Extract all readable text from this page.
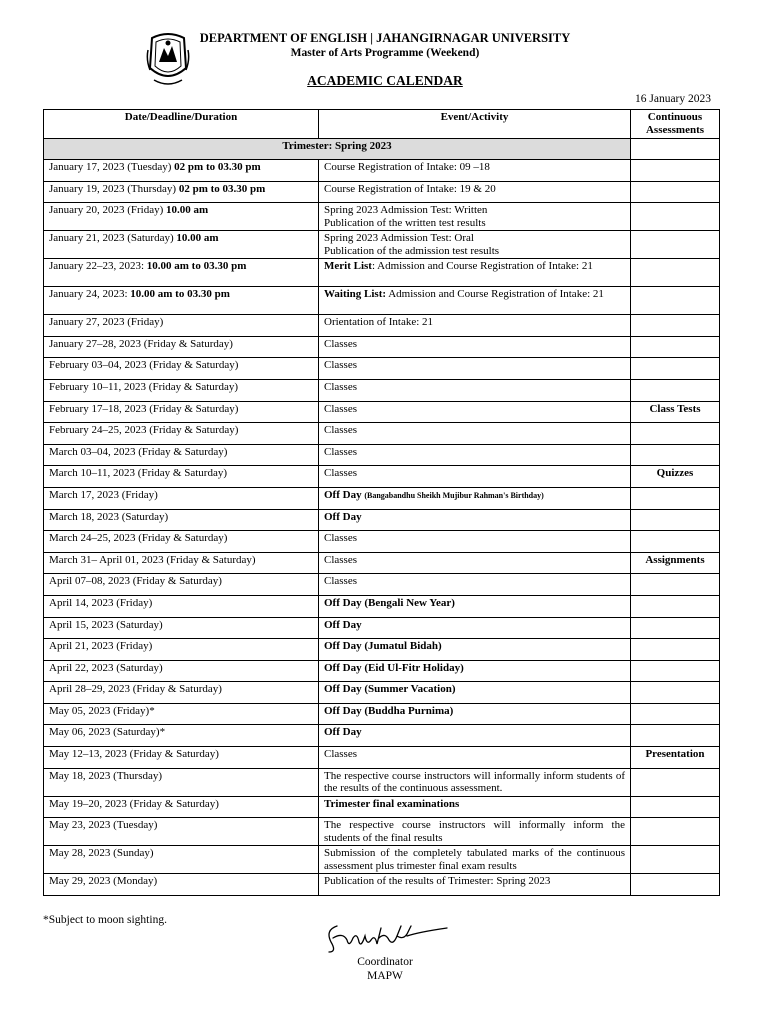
DEPARTMENT OF ENGLISH | JAHANGIRNAGAR UNIVERSITY
Master of Arts Programme (Weekend)
ACADEMIC CALENDAR
16 January 2023
Date/Deadline/Duration	Event/Activity	Continuous Assessments
Trimester: Spring 2023		
January 17, 2023 (Tuesday) 02 pm to 03.30 pm	Course Registration of Intake: 09 –18	
January 19, 2023 (Thursday) 02 pm to 03.30 pm	Course Registration of Intake: 19 & 20	
January 20, 2023 (Friday) 10.00 am	Spring 2023 Admission Test: Written
Publication of the written test results	
January 21, 2023 (Saturday) 10.00 am	Spring 2023 Admission Test: Oral
Publication of the admission test results	
January 22–23, 2023: 10.00 am to 03.30 pm	Merit List: Admission and Course Registration of Intake: 21	
January 24, 2023: 10.00 am to 03.30 pm	Waiting List: Admission and Course Registration of Intake: 21	
January 27, 2023 (Friday)	Orientation of Intake: 21	
January 27–28, 2023 (Friday & Saturday)	Classes	
February 03–04, 2023 (Friday & Saturday)	Classes	
February 10–11, 2023 (Friday & Saturday)	Classes	
February 17–18, 2023 (Friday & Saturday)	Classes	Class Tests
February 24–25, 2023 (Friday & Saturday)	Classes	
March 03–04, 2023 (Friday & Saturday)	Classes	
March 10–11, 2023 (Friday & Saturday)	Classes	Quizzes
March 17, 2023 (Friday)	Off Day (Bangabandhu Sheikh Mujibur Rahman's Birthday)	
March 18, 2023 (Saturday)	Off Day	
March 24–25, 2023 (Friday & Saturday)	Classes	
March 31– April 01, 2023 (Friday & Saturday)	Classes	Assignments
April 07–08, 2023 (Friday & Saturday)	Classes	
April 14, 2023 (Friday)	Off Day (Bengali New Year)	
April 15, 2023 (Saturday)	Off Day	
April 21, 2023 (Friday)	Off Day (Jumatul Bidah)	
April 22, 2023 (Saturday)	Off Day (Eid Ul-Fitr Holiday)	
April 28–29, 2023 (Friday & Saturday)	Off Day (Summer Vacation)	
May 05, 2023 (Friday)*	Off Day (Buddha Purnima)	
May 06, 2023 (Saturday)*	Off Day	
May 12–13, 2023 (Friday & Saturday)	Classes	Presentation
May 18, 2023 (Thursday)	The respective course instructors will informally inform students of the results of the continuous assessment.	
May 19–20, 2023 (Friday & Saturday)	Trimester final examinations	
May 23, 2023 (Tuesday)	The respective course instructors will informally inform the students of the final results	
May 28, 2023 (Sunday)	Submission of the completely tabulated marks of the continuous assessment plus trimester final exam results	
May 29, 2023 (Monday)	Publication of the results of Trimester: Spring 2023	
*Subject to moon sighting.
Coordinator
MAPW
